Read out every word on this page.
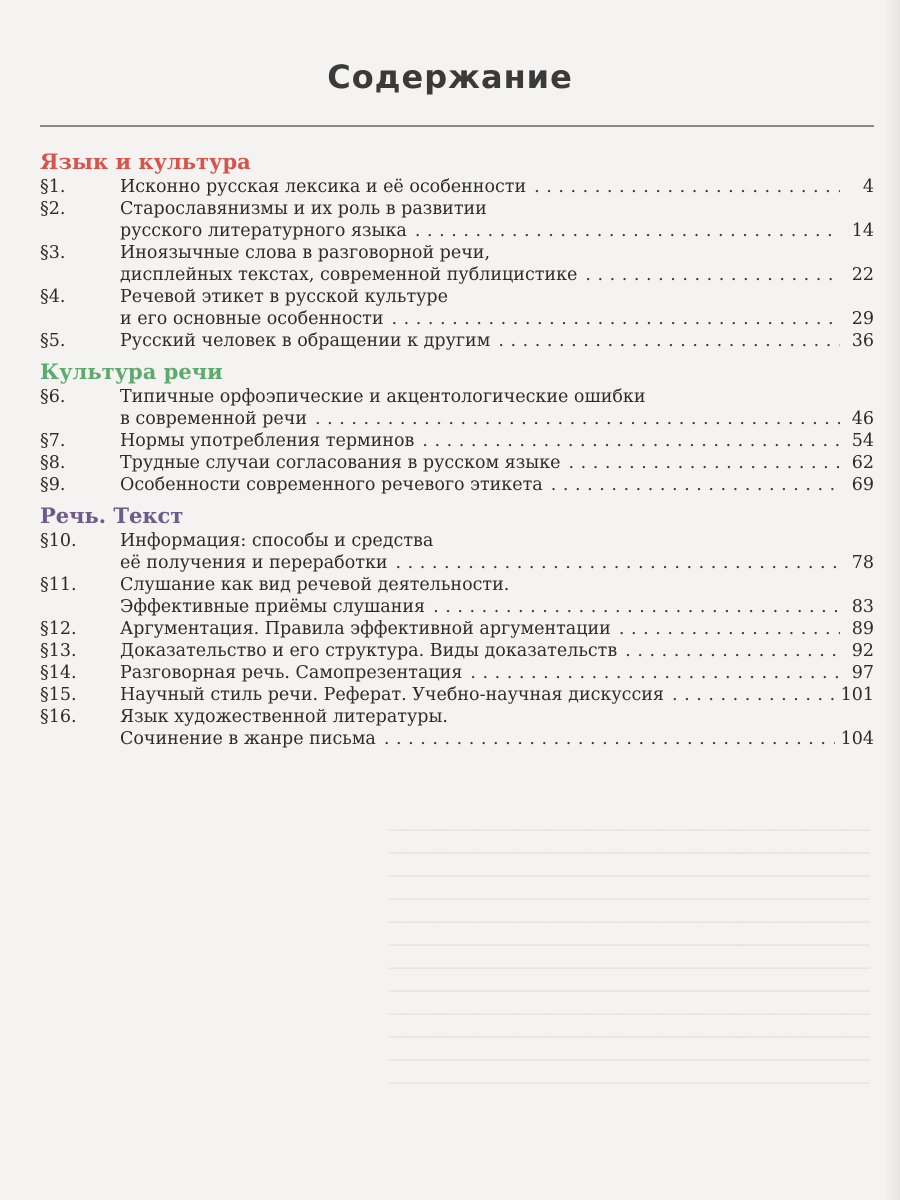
───────────────────────────────────────────────
───────────────────────────────────────────────
───────────────────────────────────────────────
───────────────────────────────────────────────
───────────────────────────────────────────────
───────────────────────────────────────────────
───────────────────────────────────────────────
───────────────────────────────────────────────
───────────────────────────────────────────────
───────────────────────────────────────────────
───────────────────────────────────────────────
───────────────────────────────────────────────
Содержание
Язык и культура
§1.	Исконно русская лексика и её особенности . . .	4
§2.	Старославянизмы и их роль в развитии
русского литературного языка . . .	14
§3.	Иноязычные слова в разговорной речи,
дисплейных текстах, современной публицистике . . .	22
§4.	Речевой этикет в русской культуре
и его основные особенности . . .	29
§5.	Русский человек в обращении к другим . . .	36
Культура речи
§6.	Типичные орфоэпические и акцентологические ошибки
в современной речи . . .	46
§7.	Нормы употребления терминов . . .	54
§8.	Трудные случаи согласования в русском языке . . .	62
§9.	Особенности современного речевого этикета . . .	69
Речь. Текст
§10.	Информация: способы и средства
её получения и переработки . . .	78
§11.	Слушание как вид речевой деятельности.
Эффективные приёмы слушания . . .	83
§12.	Аргументация. Правила эффективной аргументации . . .	89
§13.	Доказательство и его структура. Виды доказательств . . .	92
§14.	Разговорная речь. Самопрезентация . . .	97
§15.	Научный стиль речи. Реферат. Учебно-научная дискуссия . . .	101
§16.	Язык художественной литературы.
Сочинение в жанре письма . . .	104
